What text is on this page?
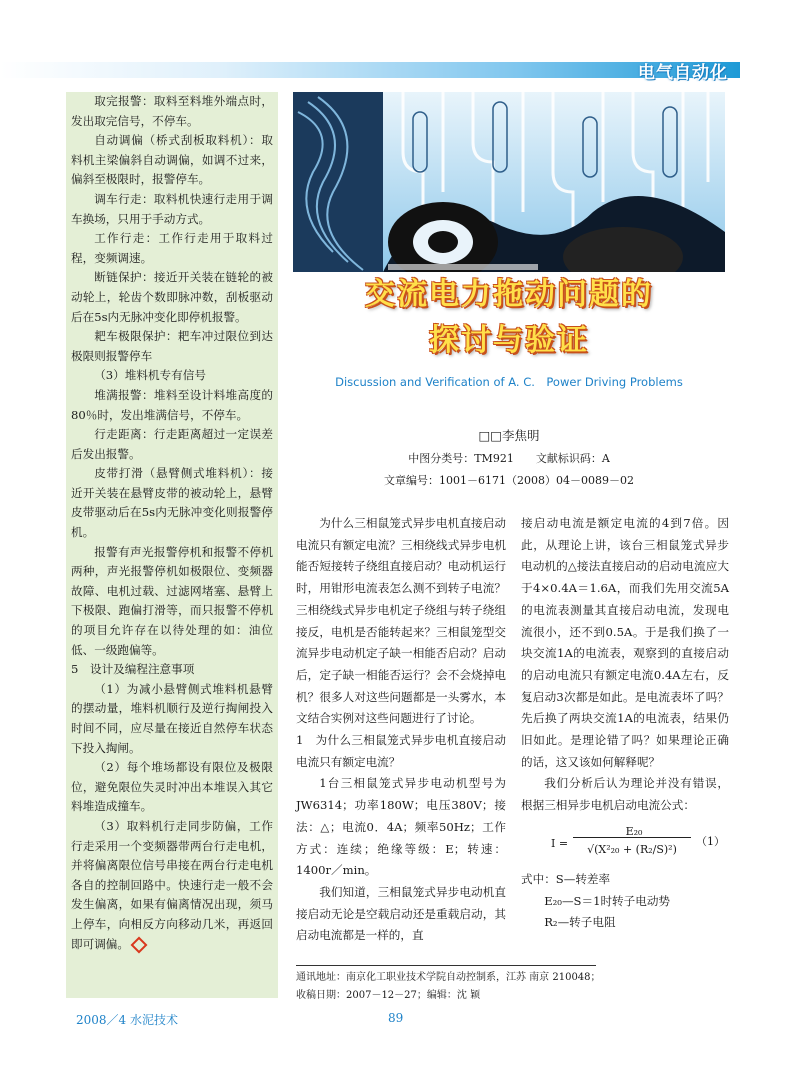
电气自动化

取完报警：取料至料堆外端点时，发出取完信号，不停车。

自动调偏（桥式刮板取料机）：取料机主梁偏斜自动调偏，如调不过来，偏斜至极限时，报警停车。

调车行走：取料机快速行走用于调车换场，只用于手动方式。

工作行走：工作行走用于取料过程，变频调速。

断链保护：接近开关装在链轮的被动轮上，轮齿个数即脉冲数，刮板驱动后在5s内无脉冲变化即停机报警。

耙车极限保护：耙车冲过限位到达极限则报警停车

（3）堆料机专有信号

堆满报警：堆料至设计料堆高度的80％时，发出堆满信号，不停车。

行走距离：行走距离超过一定误差后发出报警。

皮带打滑（悬臂侧式堆料机）：接近开关装在悬臂皮带的被动轮上，悬臂皮带驱动后在5s内无脉冲变化则报警停机。

报警有声光报警停机和报警不停机两种，声光报警停机如极限位、变频器故障、电机过载、过滤网堵塞、悬臂上下极限、跑偏打滑等，而只报警不停机的项目允许存在以待处理的如：油位低、一级跑偏等。

5　设计及编程注意事项

（1）为减小悬臂侧式堆料机悬臂的摆动量，堆料机顺行及逆行掏闸投入时间不同，应尽量在接近自然停车状态下投入掏闸。

（2）每个堆场都设有限位及极限位，避免限位失灵时冲出本堆误入其它料堆造成撞车。

（3）取料机行走同步防偏，工作行走采用一个变频器带两台行走电机，并将偏离限位信号串接在两台行走电机各自的控制回路中。快速行走一般不会发生偏离，如果有偏离情况出现，须马上停车，向相反方向移动几米，再返回即可调偏。

交流电力拖动问题的
探讨与验证
Discussion and Verification of A. C.　Power Driving Problems
□□李焦明
中图分类号：TM921　　文献标识码：A
文章编号：1001－6171（2008）04－0089－02

为什么三相鼠笼式异步电机直接启动电流只有额定电流？三相绕线式异步电机能否短接转子绕组直接启动？电动机运行时，用钳形电流表怎么测不到转子电流？三相绕线式异步电机定子绕组与转子绕组接反，电机是否能转起来？三相鼠笼型交流异步电动机定子缺一相能否启动？启动后，定子缺一相能否运行？会不会烧掉电机？很多人对这些问题都是一头雾水，本文结合实例对这些问题进行了讨论。

1　为什么三相鼠笼式异步电机直接启动电流只有额定电流？

1台三相鼠笼式异步电动机型号为JW6314；功率180W；电压380V；接法：△；电流0．4A；频率50Hz；工作方式：连续；绝缘等级：E；转速：1400r／min。

我们知道，三相鼠笼式异步电动机直接启动无论是空载启动还是重载启动，其启动电流都是一样的，直

接启动电流是额定电流的4到7倍。因此，从理论上讲，该台三相鼠笼式异步电动机的△接法直接启动的启动电流应大于4×0.4A＝1.6A，而我们先用交流5A的电流表测量其直接启动电流，发现电流很小，还不到0.5A。于是我们换了一块交流1A的电流表，观察到的直接启动的启动电流只有额定电流0.4A左右，反复启动3次都是如此。是电流表坏了吗？先后换了两块交流1A的电流表，结果仍旧如此。是理论错了吗？如果理论正确的话，这又该如何解释呢？

我们分析后认为理论并没有错误，根据三相异步电机启动电流公式：

I =
E₂₀
√(X²₂₀ + (R₂/S)²)
（1）

式中：S—转差率

E₂₀—S＝1时转子电动势

R₂—转子电阻

通讯地址：南京化工职业技术学院自动控制系，江苏 南京 210048；
收稿日期：2007－12－27；编辑：沈 颖
2008／4 水泥技术	89
